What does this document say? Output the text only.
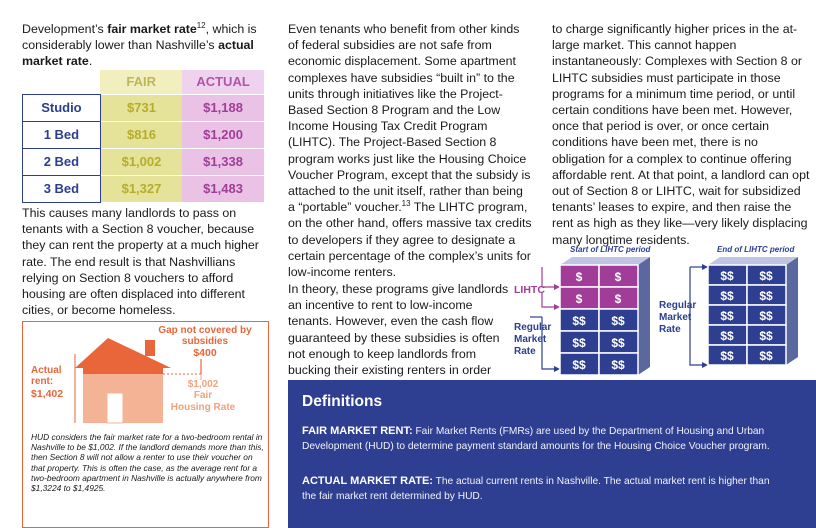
Development’s fair market rate$^{12}$, which is considerably lower than Nashville’s actual market rate.

	FAIR	ACTUAL
Studio	$731	$1,188
1 Bed	$816	$1,200
2 Bed	$1,002	$1,338
3 Bed	$1,327	$1,483

This causes many landlords to pass on tenants with a Section 8 voucher, because they can rent the property at a much higher rate. The end result is that Nashvillians relying on Section 8 vouchers to afford housing are often displaced into different cities, or become homeless.

Gap not covered by subsidies
$400
Actual rent:
$1,402
$1,002
Fair
Housing Rate

HUD considers the fair market rate for a two-bedroom rental in Nashville to be $1,002. If the landlord demands more than this, then Section 8 will not allow a renter to use their voucher on that property. This is often the case, as the average rent for a two-bedroom apartment in Nashville is actually anywhere from $1,3224 to $1,4925.

Even tenants who benefit from other kinds of federal subsidies are not safe from economic displacement. Some apartment complexes have subsidies “built in” to the units through initiatives like the Project-Based Section 8 Program and the Low Income Housing Tax Credit Program (LIHTC). The Project-Based Section 8 program works just like the Housing Choice Voucher Program, except that the subsidy is attached to the unit itself, rather than being a “portable” voucher.$^{13}$ The LIHTC program, on the other hand, offers massive tax credits to developers if they agree to designate a certain percentage of the complex’s units for low-income renters.

In theory, these programs give landlords an incentive to rent to low-income tenants. However, even the cash flow guaranteed by these subsidies is often not enough to keep landlords from bucking their existing renters in order

to charge significantly higher prices in the at-large market. This cannot happen instantaneously: Complexes with Section 8 or LIHTC subsidies must participate in those programs for a minimum time period, or until certain conditions have been met. However, once that period is over, or once certain conditions have been met, there is no obligation for a complex to continue offering affordable rent. At that point, a landlord can opt out of Section 8 or LIHTC, wait for subsidized tenants’ leases to expire, and then raise the rent as high as they like—very likely displacing many longtime residents.

Start of LIHTC period	End of LIHTC period
LIHTC
Regular
Market
Rate
Regular
Market
Rate
$	$
$	$
$$ $$
$$ $$
$$ $$
$$ $$
$$ $$
$$ $$
$$ $$
$$ $$
Definitions

FAIR MARKET RENT: Fair Market Rents (FMRs) are used by the Department of Housing and Urban Development (HUD) to determine payment standard amounts for the Housing Choice Voucher program.

ACTUAL MARKET RATE: The actual current rents in Nashville. The actual market rent is higher than the fair market rent determined by HUD.
